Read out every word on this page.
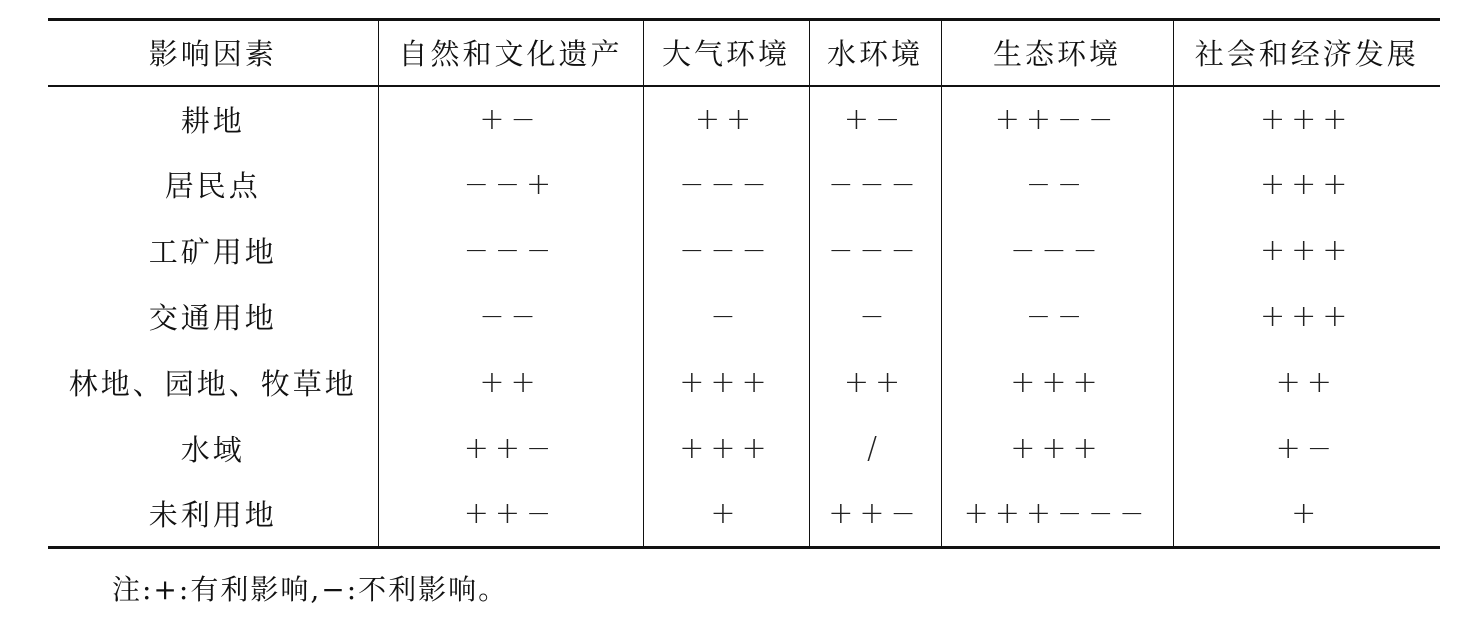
影响因素	自然和文化遗产	大气环境	水环境	生态环境	社会和经济发展
耕地	+−	++	+−	++−−	+++
居民点	−−+	−−−	−−−	−−	+++
工矿用地	−−−	−−−	−−−	−−−	+++
交通用地	−−	−	−	−−	+++
林地、园地、牧草地	++	+++	++	+++	++
水域	++−	+++	/	+++	+−
未利用地	++−	+	++−	+++−−−	+
注:+:有利影响,−:不利影响。
